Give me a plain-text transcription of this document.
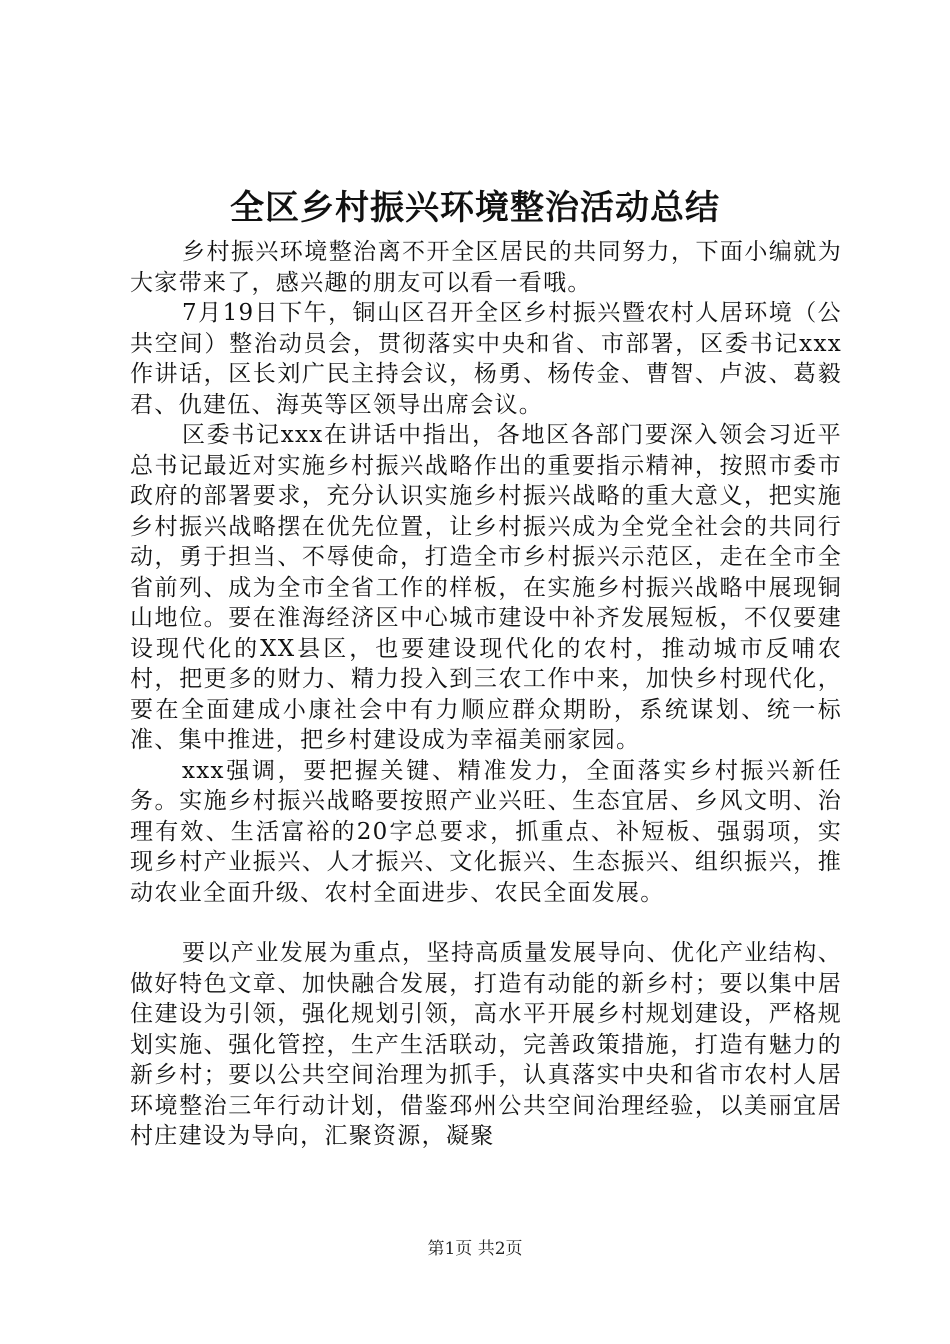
全区乡村振兴环境整治活动总结

乡村振兴环境整治离不开全区居民的共同努力，下面小编就为大家带来了，感兴趣的朋友可以看一看哦。

7月19日下午，铜山区召开全区乡村振兴暨农村人居环境（公共空间）整治动员会，贯彻落实中央和省、市部署，区委书记xxx作讲话，区长刘广民主持会议，杨勇、杨传金、曹智、卢波、葛毅君、仇建伍、海英等区领导出席会议。

区委书记xxx在讲话中指出，各地区各部门要深入领会习近平总书记最近对实施乡村振兴战略作出的重要指示精神，按照市委市政府的部署要求，充分认识实施乡村振兴战略的重大意义，把实施乡村振兴战略摆在优先位置，让乡村振兴成为全党全社会的共同行动，勇于担当、不辱使命，打造全市乡村振兴示范区，走在全市全省前列、成为全市全省工作的样板，在实施乡村振兴战略中展现铜山地位。要在淮海经济区中心城市建设中补齐发展短板，不仅要建设现代化的XX县区，也要建设现代化的农村，推动城市反哺农村，把更多的财力、精力投入到三农工作中来，加快乡村现代化，要在全面建成小康社会中有力顺应群众期盼，系统谋划、统一标准、集中推进，把乡村建设成为幸福美丽家园。

xxx强调，要把握关键、精准发力，全面落实乡村振兴新任务。实施乡村振兴战略要按照产业兴旺、生态宜居、乡风文明、治理有效、生活富裕的20字总要求，抓重点、补短板、强弱项，实现乡村产业振兴、人才振兴、文化振兴、生态振兴、组织振兴，推动农业全面升级、农村全面进步、农民全面发展。

要以产业发展为重点，坚持高质量发展导向、优化产业结构、做好特色文章、加快融合发展，打造有动能的新乡村；要以集中居住建设为引领，强化规划引领，高水平开展乡村规划建设，严格规划实施、强化管控，生产生活联动，完善政策措施，打造有魅力的新乡村；要以公共空间治理为抓手，认真落实中央和省市农村人居环境整治三年行动计划，借鉴邳州公共空间治理经验，以美丽宜居村庄建设为导向，汇聚资源，凝聚

第1页 共2页
